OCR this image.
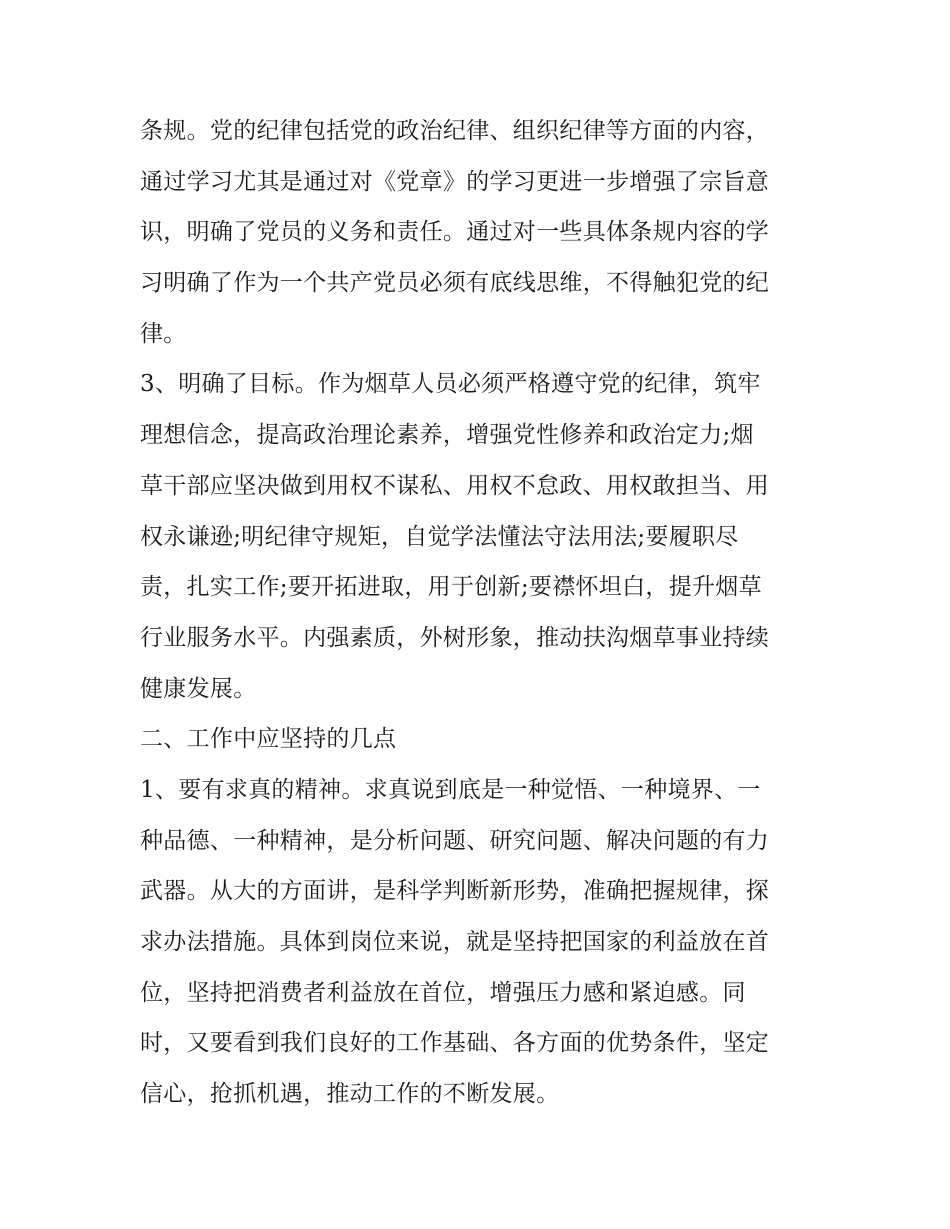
条规。党的纪律包括党的政治纪律、组织纪律等方面的内容，
通过学习尤其是通过对《党章》的学习更进一步增强了宗旨意
识，明确了党员的义务和责任。通过对一些具体条规内容的学
习明确了作为一个共产党员必须有底线思维，不得触犯党的纪
律。
3、明确了目标。作为烟草人员必须严格遵守党的纪律，筑牢
理想信念，提高政治理论素养，增强党性修养和政治定力;烟
草干部应坚决做到用权不谋私、用权不怠政、用权敢担当、用
权永谦逊;明纪律守规矩，自觉学法懂法守法用法;要履职尽
责，扎实工作;要开拓进取，用于创新;要襟怀坦白，提升烟草
行业服务水平。内强素质，外树形象，推动扶沟烟草事业持续
健康发展。
二、工作中应坚持的几点
1、要有求真的精神。求真说到底是一种觉悟、一种境界、一
种品德、一种精神，是分析问题、研究问题、解决问题的有力
武器。从大的方面讲，是科学判断新形势，准确把握规律，探
求办法措施。具体到岗位来说，就是坚持把国家的利益放在首
位，坚持把消费者利益放在首位，增强压力感和紧迫感。同
时，又要看到我们良好的工作基础、各方面的优势条件，坚定
信心，抢抓机遇，推动工作的不断发展。
